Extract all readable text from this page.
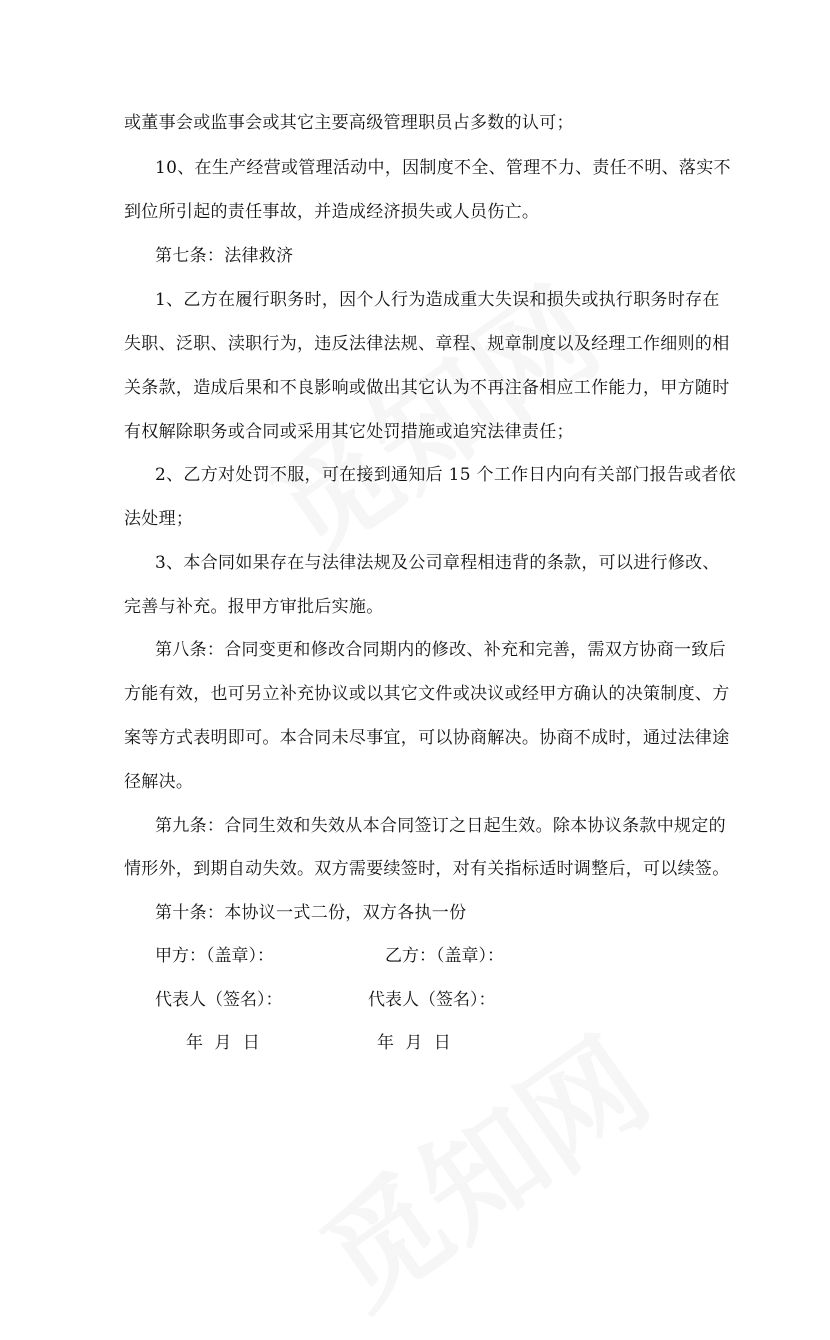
或董事会或监事会或其它主要高级管理职员占多数的认可；
10、在生产经营或管理活动中，因制度不全、管理不力、责任不明、落实不
到位所引起的责任事故，并造成经济损失或人员伤亡。
第七条：法律救济
1、乙方在履行职务时，因个人行为造成重大失误和损失或执行职务时存在
失职、泛职、渎职行为，违反法律法规、章程、规章制度以及经理工作细则的相
关条款，造成后果和不良影响或做出其它认为不再注备相应工作能力，甲方随时
有权解除职务或合同或采用其它处罚措施或追究法律责任；
2、乙方对处罚不服，可在接到通知后 15 个工作日内向有关部门报告或者依
法处理；
3、本合同如果存在与法律法规及公司章程相违背的条款，可以进行修改、
完善与补充。报甲方审批后实施。
第八条：合同变更和修改合同期内的修改、补充和完善，需双方协商一致后
方能有效，也可另立补充协议或以其它文件或决议或经甲方确认的决策制度、方
案等方式表明即可。本合同未尽事宜，可以协商解决。协商不成时，通过法律途
径解决。
第九条：合同生效和失效从本合同签订之日起生效。除本协议条款中规定的
情形外，到期自动失效。双方需要续签时，对有关指标适时调整后，可以续签。
第十条：本协议一式二份，双方各执一份
甲方：（盖章）：	乙方：（盖章）：
代表人（签名）：	代表人（签名）：
年 月 日	年 月 日
